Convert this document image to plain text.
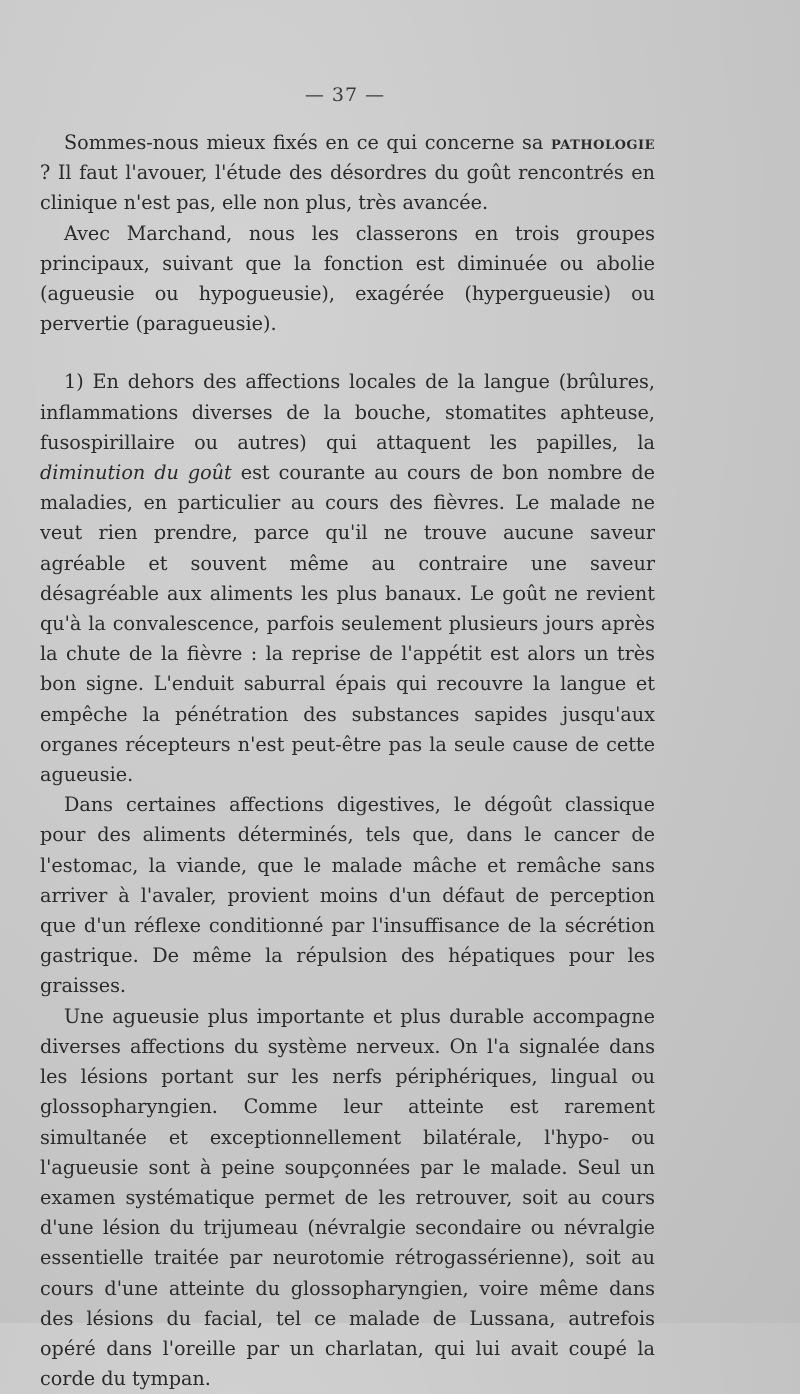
— 37 —

Sommes-nous mieux fixés en ce qui concerne sa pathologie ? Il faut l'avouer, l'étude des désordres du goût rencontrés en clinique n'est pas, elle non plus, très avancée.

Avec Marchand, nous les classerons en trois groupes principaux, suivant que la fonction est diminuée ou abolie (agueusie ou hypogueusie), exagérée (hypergueusie) ou pervertie (paragueusie).

1) En dehors des affections locales de la langue (brûlures, inflammations diverses de la bouche, stomatites aphteuse, fusospirillaire ou autres) qui attaquent les papilles, la diminution du goût est courante au cours de bon nombre de maladies, en particulier au cours des fièvres. Le malade ne veut rien prendre, parce qu'il ne trouve aucune saveur agréable et souvent même au contraire une saveur désagréable aux aliments les plus banaux. Le goût ne revient qu'à la convalescence, parfois seulement plusieurs jours après la chute de la fièvre : la reprise de l'appétit est alors un très bon signe. L'enduit saburral épais qui recouvre la langue et empêche la pénétration des substances sapides jusqu'aux organes récepteurs n'est peut-être pas la seule cause de cette agueusie.

Dans certaines affections digestives, le dégoût classique pour des aliments déterminés, tels que, dans le cancer de l'estomac, la viande, que le malade mâche et remâche sans arriver à l'avaler, provient moins d'un défaut de perception que d'un réflexe conditionné par l'insuffisance de la sécrétion gastrique. De même la répulsion des hépatiques pour les graisses.

Une agueusie plus importante et plus durable accompagne diverses affections du système nerveux. On l'a signalée dans les lésions portant sur les nerfs périphériques, lingual ou glossopharyngien. Comme leur atteinte est rarement simultanée et exceptionnellement bilatérale, l'hypo- ou l'agueusie sont à peine soupçonnées par le malade. Seul un examen systématique permet de les retrouver, soit au cours d'une lésion du trijumeau (névralgie secondaire ou névralgie essentielle traitée par neurotomie rétrogassérienne), soit au cours d'une atteinte du glossopharyngien, voire même dans des lésions du facial, tel ce malade de Lussana, autrefois opéré dans l'oreille par un charlatan, qui lui avait coupé la corde du tympan.
